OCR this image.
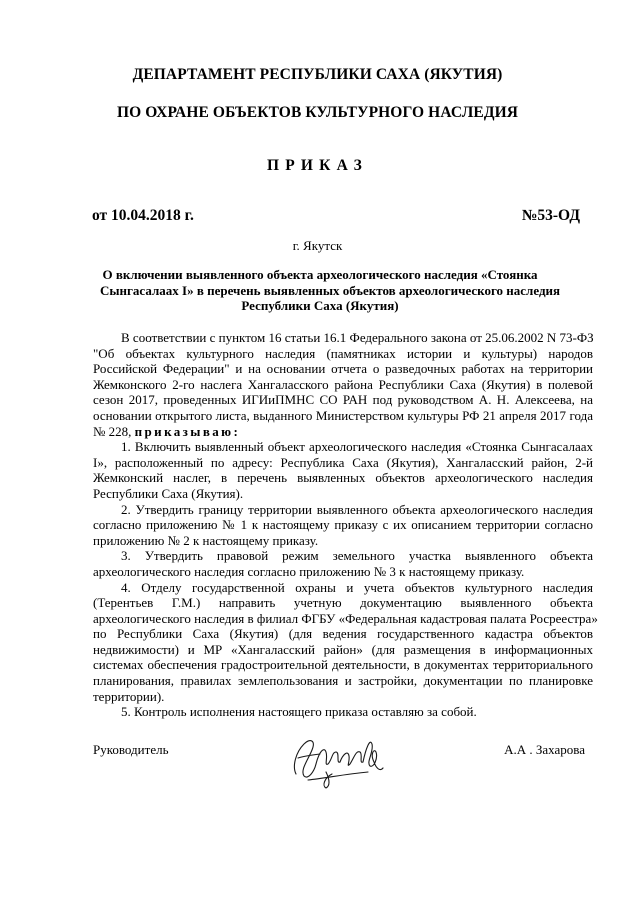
ДЕПАРТАМЕНТ РЕСПУБЛИКИ САХА (ЯКУТИЯ)
ПО ОХРАНЕ ОБЪЕКТОВ КУЛЬТУРНОГО НАСЛЕДИЯ
ПРИКАЗ
от 10.04.2018 г.	№53-ОД
г. Якутск
О включении выявленного объекта археологического наследия «Стоянка
Сынгасалаах I» в перечень выявленных объектов археологического наследия
Республики Саха (Якутия)
В соответствии с пунктом 16 статьи 16.1 Федерального закона от 25.06.2002 N 73-ФЗ
"Об объектах культурного наследия (памятниках истории и культуры) народов
Российской Федерации" и на основании отчета о разведочных работах на территории
Жемконского 2-го наслега Хангаласского района Республики Саха (Якутия) в полевой
сезон 2017, проведенных ИГИиПМНС СО РАН под руководством А. Н. Алексеева, на
основании открытого листа, выданного Министерством культуры РФ 21 апреля 2017 года
№ 228, приказываю:
1. Включить выявленный объект археологического наследия «Стоянка Сынгасалаах
I», расположенный по адресу: Республика Саха (Якутия), Хангаласский район, 2-й
Жемконский наслег, в перечень выявленных объектов археологического наследия
Республики Саха (Якутия).
2. Утвердить границу территории выявленного объекта археологического наследия
согласно приложению № 1 к настоящему приказу с их описанием территории согласно
приложению № 2 к настоящему приказу.
3. Утвердить правовой режим земельного участка выявленного объекта
археологического наследия согласно приложению № 3 к настоящему приказу.
4. Отделу государственной охраны и учета объектов культурного наследия
(Терентьев Г.М.) направить учетную документацию выявленного объекта
археологического наследия в филиал ФГБУ «Федеральная кадастровая палата Росреестра»
по Республики Саха (Якутия) (для ведения государственного кадастра объектов
недвижимости) и МР «Хангаласский район» (для размещения в информационных
системах обеспечения градостроительной деятельности, в документах территориального
планирования, правилах землепользования и застройки, документации по планировке
территории).
5. Контроль исполнения настоящего приказа оставляю за собой.
Руководитель	А.А . Захарова
